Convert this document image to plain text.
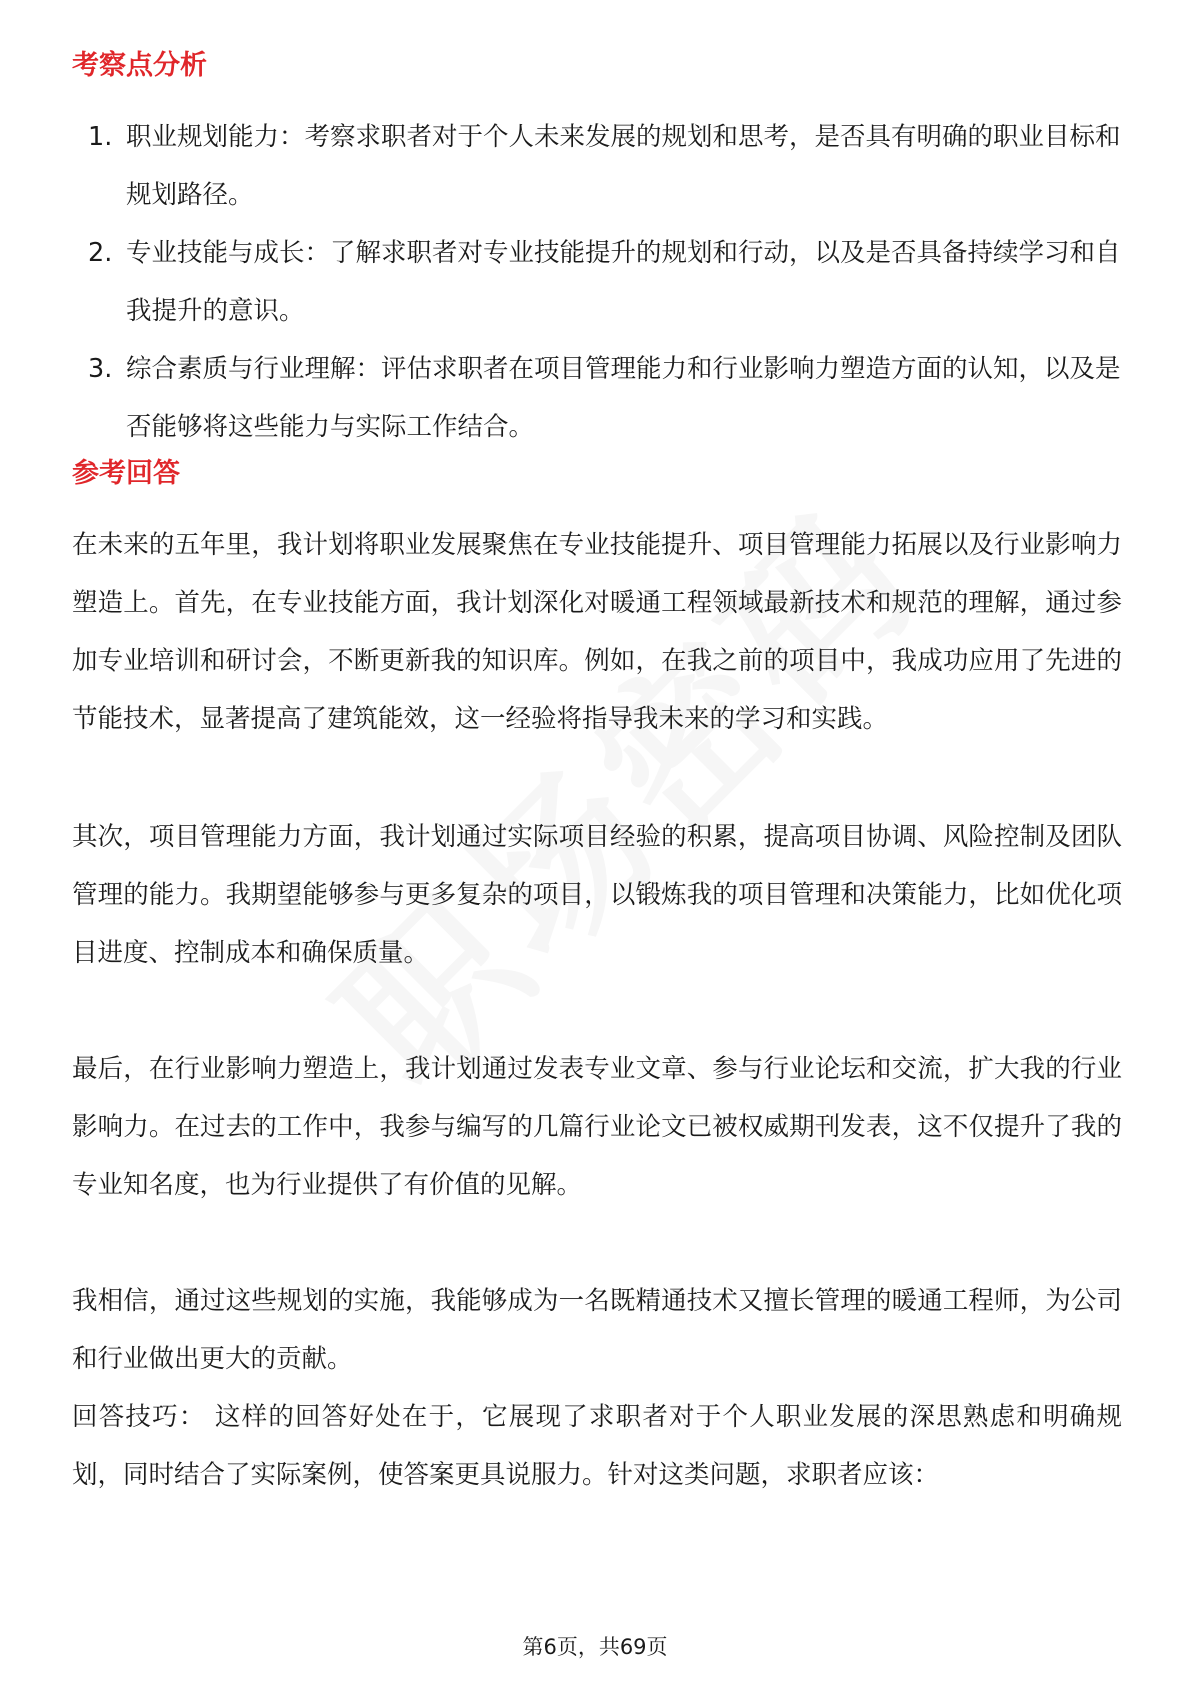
考察点分析
1. 职业规划能力：考察求职者对于个人未来发展的规划和思考，是否具有明确的职业目标和规划路径。
2. 专业技能与成长：了解求职者对专业技能提升的规划和行动，以及是否具备持续学习和自我提升的意识。
3. 综合素质与行业理解：评估求职者在项目管理能力和行业影响力塑造方面的认知，以及是否能够将这些能力与实际工作结合。
参考回答

在未来的五年里，我计划将职业发展聚焦在专业技能提升、项目管理能力拓展以及行业影响力塑造上。首先，在专业技能方面，我计划深化对暖通工程领域最新技术和规范的理解，通过参加专业培训和研讨会，不断更新我的知识库。例如，在我之前的项目中，我成功应用了先进的节能技术，显著提高了建筑能效，这一经验将指导我未来的学习和实践。

其次，项目管理能力方面，我计划通过实际项目经验的积累，提高项目协调、风险控制及团队管理的能力。我期望能够参与更多复杂的项目，以锻炼我的项目管理和决策能力，比如优化项目进度、控制成本和确保质量。

最后，在行业影响力塑造上，我计划通过发表专业文章、参与行业论坛和交流，扩大我的行业影响力。在过去的工作中，我参与编写的几篇行业论文已被权威期刊发表，这不仅提升了我的专业知名度，也为行业提供了有价值的见解。

我相信，通过这些规划的实施，我能够成为一名既精通技术又擅长管理的暖通工程师，为公司和行业做出更大的贡献。

回答技巧： 这样的回答好处在于，它展现了求职者对于个人职业发展的深思熟虑和明确规划，同时结合了实际案例，使答案更具说服力。针对这类问题，求职者应该：

第6页，共69页
